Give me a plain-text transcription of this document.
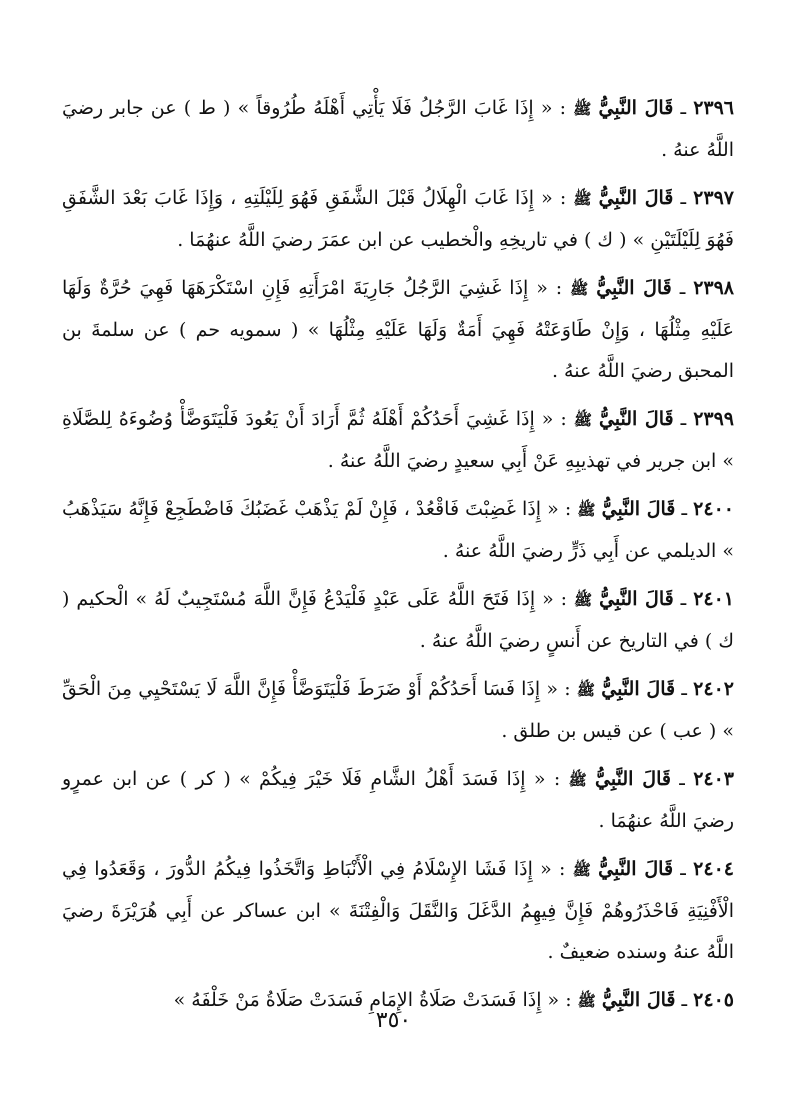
٢٣٩٦ ـ قَالَ النَّبِيُّ ﷺ : « إِذَا غَابَ الرَّجُلُ فَلَا يَأْتِي أَهْلَهُ طُرُوقاً » ( ط ) عن جابر رضيَ اللَّهُ عنهُ .

٢٣٩٧ ـ قَالَ النَّبِيُّ ﷺ : « إِذَا غَابَ الْهِلَالُ قَبْلَ الشَّفَقِ فَهُوَ لِلَيْلَتِهِ ، وَإِذَا غَابَ بَعْدَ الشَّفَقِ فَهُوَ لِلَيْلَتَيْنِ » ( ك ) في تاريخِهِ والْخطيب عن ابن عمَرَ رضيَ اللَّهُ عنهُمَا .

٢٣٩٨ ـ قَالَ النَّبِيُّ ﷺ : « إِذَا غَشِيَ الرَّجُلُ جَارِيَةَ امْرَأَتِهِ فَإِنِ اسْتَكْرَهَهَا فَهِيَ حُرَّةٌ وَلَهَا عَلَيْهِ مِثْلُهَا ، وَإِنْ طَاوَعَتْهُ فَهِيَ أَمَةٌ وَلَهَا عَلَيْهِ مِثْلُهَا » ( سمويه حم ) عن سلمةَ بن المحبق رضيَ اللَّهُ عنهُ .

٢٣٩٩ ـ قَالَ النَّبِيُّ ﷺ : « إِذَا غَشِيَ أَحَدُكُمْ أَهْلَهُ ثُمَّ أَرَادَ أَنْ يَعُودَ فَلْيَتَوَضَّأْ وُضُوءَهُ لِلصَّلَاةِ » ابن جرير في تهذيبِهِ عَنْ أَبِي سعيدٍ رضيَ اللَّهُ عنهُ .

٢٤٠٠ ـ قَالَ النَّبِيُّ ﷺ : « إِذَا غَضِبْتَ فَاقْعُدْ ، فَإِنْ لَمْ يَذْهَبْ غَضَبُكَ فَاضْطَجِعْ فَإِنَّهُ سَيَذْهَبُ » الديلمي عن أَبِي ذَرٍّ رضيَ اللَّهُ عنهُ .

٢٤٠١ ـ قَالَ النَّبِيُّ ﷺ : « إِذَا فَتَحَ اللَّهُ عَلَى عَبْدٍ فَلْيَدْعُ فَإِنَّ اللَّهَ مُسْتَجِيبٌ لَهُ » الْحكيم ( ك ) في التاريخ عن أَنسٍ رضيَ اللَّهُ عنهُ .

٢٤٠٢ ـ قَالَ النَّبِيُّ ﷺ : « إِذَا فَسَا أَحَدُكُمْ أَوْ ضَرَطَ فَلْيَتَوَضَّأْ فَإِنَّ اللَّهَ لَا يَسْتَحْيِي مِنَ الْحَقِّ » ( عب ) عن قيس بن طلق .

٢٤٠٣ ـ قَالَ النَّبِيُّ ﷺ : « إِذَا فَسَدَ أَهْلُ الشَّامِ فَلَا خَيْرَ فِيكُمْ » ( كر ) عن ابن عمرٍو رضيَ اللَّهُ عنهُمَا .

٢٤٠٤ ـ قَالَ النَّبِيُّ ﷺ : « إِذَا فَشَا الإِسْلَامُ فِي الْأَنْبَاطِ وَاتَّخَذُوا فِيكُمُ الدُّورَ ، وَقَعَدُوا فِي الْأَفْنِيَةِ فَاحْذَرُوهُمْ فَإِنَّ فِيهِمُ الدَّغَلَ وَالنَّقَلَ وَالْفِتْنَةَ » ابن عساكر عن أَبِي هُرَيْرَةَ رضيَ اللَّهُ عنهُ وسنده ضعيفٌ .

٢٤٠٥ ـ قَالَ النَّبِيُّ ﷺ : « إِذَا فَسَدَتْ صَلَاةُ الإِمَامِ فَسَدَتْ صَلَاةُ مَنْ خَلْفَهُ »

٣٥٠
